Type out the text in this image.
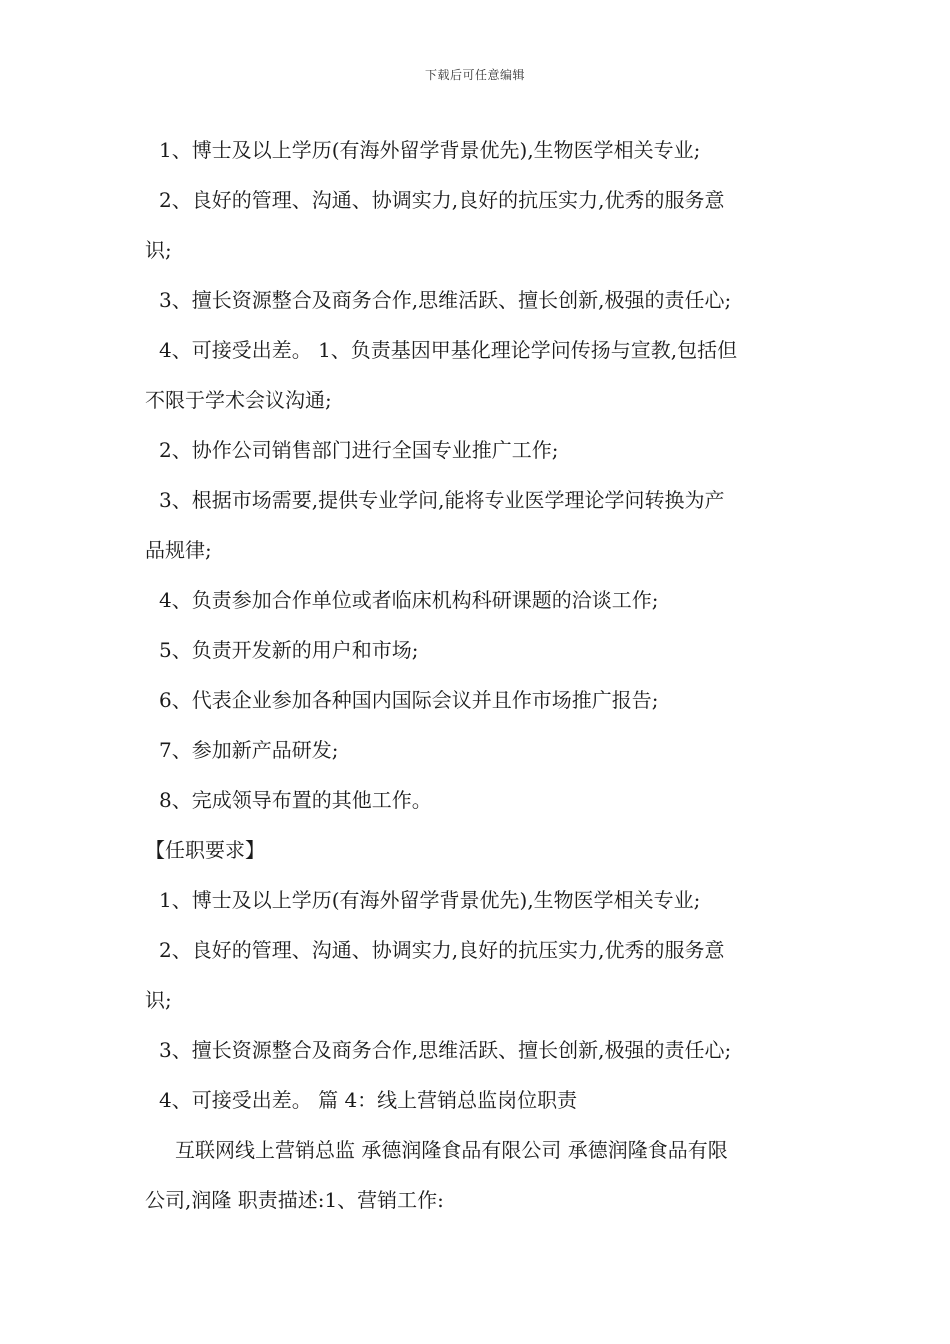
下载后可任意编辑
1、博士及以上学历(有海外留学背景优先),生物医学相关专业;
2、良好的管理、沟通、协调实力,良好的抗压实力,优秀的服务意
识;
3、擅长资源整合及商务合作,思维活跃、擅长创新,极强的责任心;
4、可接受出差。 1、负责基因甲基化理论学问传扬与宣教,包括但
不限于学术会议沟通;
2、协作公司销售部门进行全国专业推广工作;
3、根据市场需要,提供专业学问,能将专业医学理论学问转换为产
品规律;
4、负责参加合作单位或者临床机构科研课题的洽谈工作;
5、负责开发新的用户和市场;
6、代表企业参加各种国内国际会议并且作市场推广报告;
7、参加新产品研发;
8、完成领导布置的其他工作。
【任职要求】
1、博士及以上学历(有海外留学背景优先),生物医学相关专业;
2、良好的管理、沟通、协调实力,良好的抗压实力,优秀的服务意
识;
3、擅长资源整合及商务合作,思维活跃、擅长创新,极强的责任心;
4、可接受出差。 篇 4：线上营销总监岗位职责
互联网线上营销总监 承德润隆食品有限公司 承德润隆食品有限
公司,润隆 职责描述:1、营销工作:
